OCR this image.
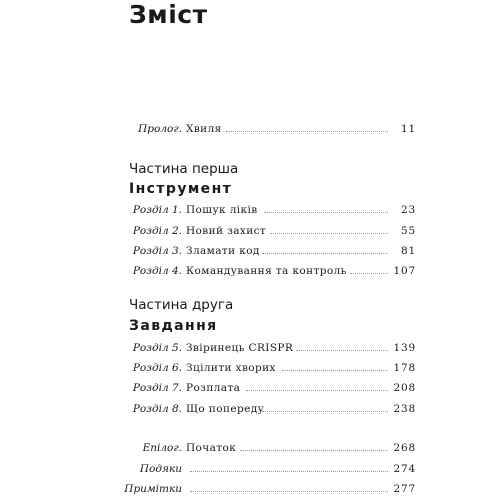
Зміст
Пролог. Хвиля	11

Частина перша

Інструмент

Розділ 1. Пошук ліків	23
Розділ 2. Новий захист	55
Розділ 3. Зламати код	81
Розділ 4. Командування та контроль	107

Частина друга

Завдання

Розділ 5. Звіринець CRISPR	139
Розділ 6. Зцілити хворих	178
Розділ 7. Розплата	208
Розділ 8. Що попереду	238
Епілог. Початок	268
Подяки	274
Примітки	277
